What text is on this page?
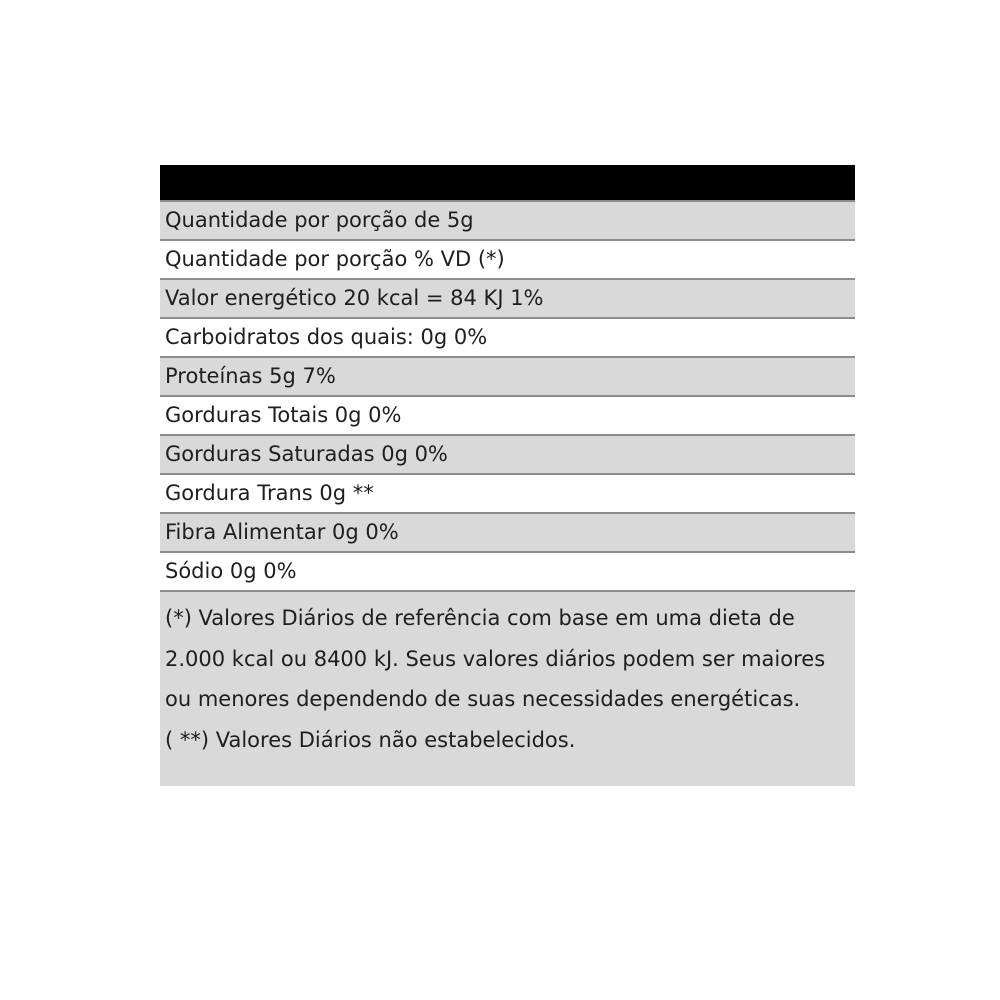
Quantidade por porção de 5g
Quantidade por porção % VD (*)
Valor energético 20 kcal = 84 KJ 1%
Carboidratos dos quais: 0g 0%
Proteínas 5g 7%
Gorduras Totais 0g 0%
Gorduras Saturadas 0g 0%
Gordura Trans 0g **
Fibra Alimentar 0g 0%
Sódio 0g 0%

(*) Valores Diários de referência com base em uma dieta de 2.000 kcal ou 8400 kJ. Seus valores diários podem ser maiores ou menores dependendo de suas necessidades energéticas.

( **) Valores Diários não estabelecidos.
